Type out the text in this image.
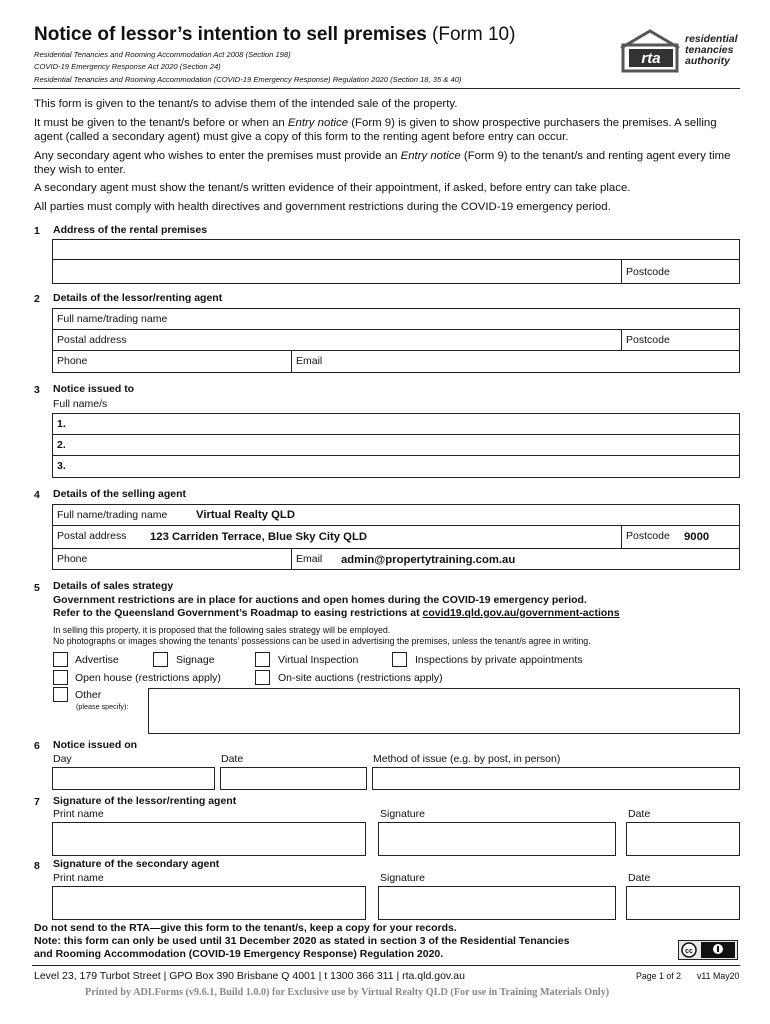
Notice of lessor’s intention to sell premises (Form 10)
Residential Tenancies and Rooming Accommodation Act 2008 (Section 198)
COVID-19 Emergency Response Act 2020 (Section 24)
Residential Tenancies and Rooming Accommodation (COVID-19 Emergency Response) Regulation 2020 (Section 18, 35 & 40)
rta
residential
tenancies
authority
This form is given to the tenant/s to advise them of the intended sale of the property.
It must be given to the tenant/s before or when an Entry notice (Form 9) is given to show prospective purchasers the premises. A selling agent (called a secondary agent) must give a copy of this form to the renting agent before entry can occur.
Any secondary agent who wishes to enter the premises must provide an Entry notice (Form 9) to the tenant/s and renting agent every time they wish to enter.
A secondary agent must show the tenant/s written evidence of their appointment, if asked, before entry can take place.
All parties must comply with health directives and government restrictions during the COVID-19 emergency period.
1 Address of the rental premises
Postcode
2 Details of the lessor/renting agent
Full name/trading name
Postal address	Postcode
Phone	Email
3 Notice issued to
Full name/s
1.
2.
3.
4 Details of the selling agent
Full name/trading name	Virtual Realty QLD
Postal address 123 Carriden Terrace, Blue Sky City QLD	Postcode 9000
Phone	Email admin@propertytraining.com.au
5 Details of sales strategy
Government restrictions are in place for auctions and open homes during the COVID-19 emergency period.
Refer to the Queensland Government’s Roadmap to easing restrictions at covid19.qld.gov.au/government-actions
In selling this property, it is proposed that the following sales strategy will be employed.
No photographs or images showing the tenants’ possessions can be used in advertising the premises, unless the tenant/s agree in writing.
Advertise	Signage	Virtual Inspection	Inspections by private appointments
Open house (restrictions apply)	On-site auctions (restrictions apply)
Other
(please specify):
6 Notice issued on
Day	Date	Method of issue (e.g. by post, in person)
7 Signature of the lessor/renting agent
Print name	Signature	Date
8 Signature of the secondary agent
Print name	Signature	Date
Do not send to the RTA—give this form to the tenant/s, keep a copy for your records.
Note: this form can only be used until 31 December 2020 as stated in section 3 of the Residential Tenancies
and Rooming Accommodation (COVID-19 Emergency Response) Regulation 2020.	cc
Level 23, 179 Turbot Street | GPO Box 390 Brisbane Q 4001 | t 1300 366 311 | rta.qld.gov.au	Page 1 of 2 v11 May20
Printed by ADLForms (v9.6.1, Build 1.0.0) for Exclusive use by Virtual Realty QLD (For use in Training Materials Only)
